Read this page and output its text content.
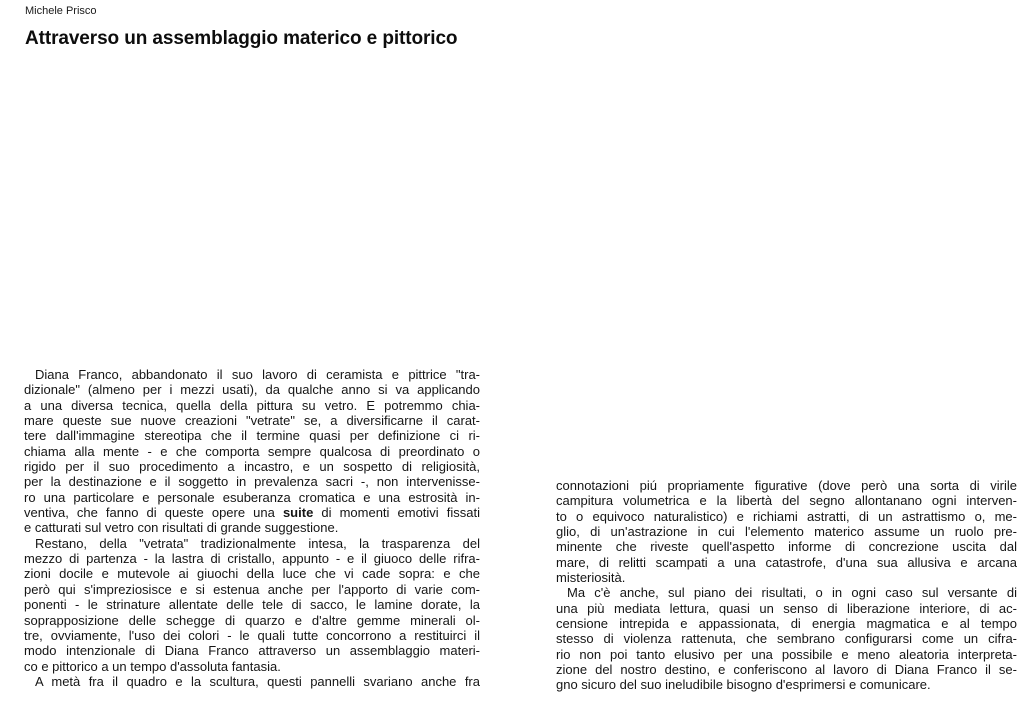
Michele Prisco
Attraverso un assemblaggio materico e pittorico
Diana Franco, abbandonato il suo lavoro di ceramista e pittrice "tra-
dizionale" (almeno per i mezzi usati), da qualche anno si va applicando
a una diversa tecnica, quella della pittura su vetro. E potremmo chia-
mare queste sue nuove creazioni "vetrate" se, a diversificarne il carat-
tere dall'immagine stereotipa che il termine quasi per definizione ci ri-
chiama alla mente - e che comporta sempre qualcosa di preordinato o
rigido per il suo procedimento a incastro, e un sospetto di religiosità,
per la destinazione e il soggetto in prevalenza sacri -, non intervenisse-
ro una particolare e personale esuberanza cromatica e una estrosità in-
ventiva, che fanno di queste opere una suite di momenti emotivi fissati
e catturati sul vetro con risultati di grande suggestione.
Restano, della "vetrata" tradizionalmente intesa, la trasparenza del
mezzo di partenza - la lastra di cristallo, appunto - e il giuoco delle rifra-
zioni docile e mutevole ai giuochi della luce che vi cade sopra: e che
però qui s'impreziosisce e si estenua anche per l'apporto di varie com-
ponenti - le strinature allentate delle tele di sacco, le lamine dorate, la
soprapposizione delle schegge di quarzo e d'altre gemme minerali ol-
tre, ovviamente, l'uso dei colori - le quali tutte concorrono a restituirci il
modo intenzionale di Diana Franco attraverso un assemblaggio materi-
co e pittorico a un tempo d'assoluta fantasia.
A metà fra il quadro e la scultura, questi pannelli svariano anche fra
connotazioni piú propriamente figurative (dove però una sorta di virile
campitura volumetrica e la libertà del segno allontanano ogni interven-
to o equivoco naturalistico) e richiami astratti, di un astrattismo o, me-
glio, di un'astrazione in cui l'elemento materico assume un ruolo pre-
minente che riveste quell'aspetto informe di concrezione uscita dal
mare, di relitti scampati a una catastrofe, d'una sua allusiva e arcana
misteriosità.
Ma c'è anche, sul piano dei risultati, o in ogni caso sul versante di
una più mediata lettura, quasi un senso di liberazione interiore, di ac-
censione intrepida e appassionata, di energia magmatica e al tempo
stesso di violenza rattenuta, che sembrano configurarsi come un cifra-
rio non poi tanto elusivo per una possibile e meno aleatoria interpreta-
zione del nostro destino, e conferiscono al lavoro di Diana Franco il se-
gno sicuro del suo ineludibile bisogno d'esprimersi e comunicare.
